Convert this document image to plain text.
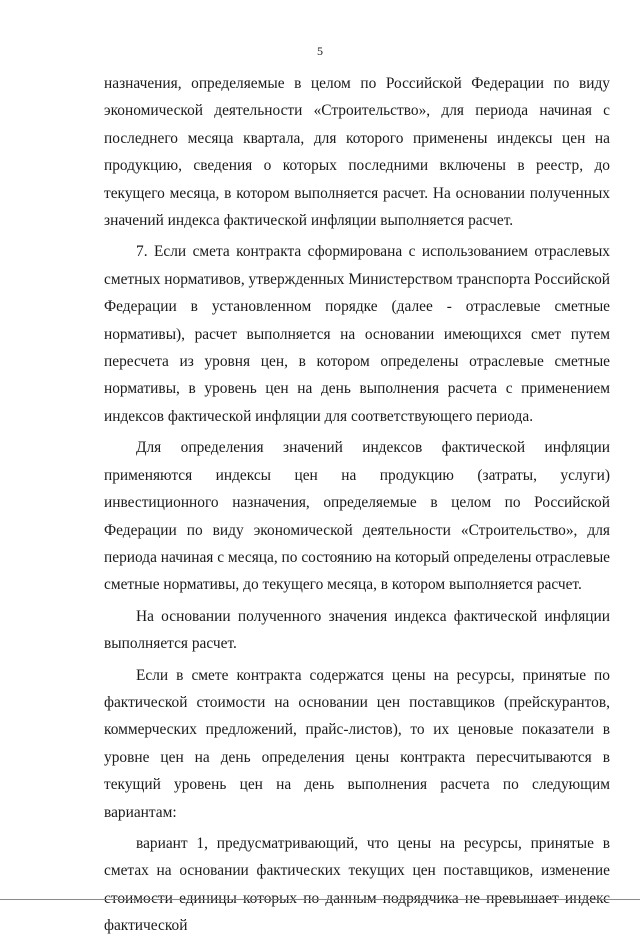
5

назначения, определяемые в целом по Российской Федерации по виду экономической деятельности «Строительство», для периода начиная с последнего месяца квартала, для которого применены индексы цен на продукцию, сведения о которых последними включены в реестр, до текущего месяца, в котором выполняется расчет. На основании полученных значений индекса фактической инфляции выполняется расчет.

7. Если смета контракта сформирована с использованием отраслевых сметных нормативов, утвержденных Министерством транспорта Российской Федерации в установленном порядке (далее - отраслевые сметные нормативы), расчет выполняется на основании имеющихся смет путем пересчета из уровня цен, в котором определены отраслевые сметные нормативы, в уровень цен на день выполнения расчета с применением индексов фактической инфляции для соответствующего периода.

Для определения значений индексов фактической инфляции применяются индексы цен на продукцию (затраты, услуги) инвестиционного назначения, определяемые в целом по Российской Федерации по виду экономической деятельности «Строительство», для периода начиная с месяца, по состоянию на который определены отраслевые сметные нормативы, до текущего месяца, в котором выполняется расчет.

На основании полученного значения индекса фактической инфляции выполняется расчет.

Если в смете контракта содержатся цены на ресурсы, принятые по фактической стоимости на основании цен поставщиков (прейскурантов, коммерческих предложений, прайс-листов), то их ценовые показатели в уровне цен на день определения цены контракта пересчитываются в текущий уровень цен на день выполнения расчета по следующим вариантам:

вариант 1, предусматривающий, что цены на ресурсы, принятые в сметах на основании фактических текущих цен поставщиков, изменение стоимости единицы которых по данным подрядчика не превышает индекс фактической
